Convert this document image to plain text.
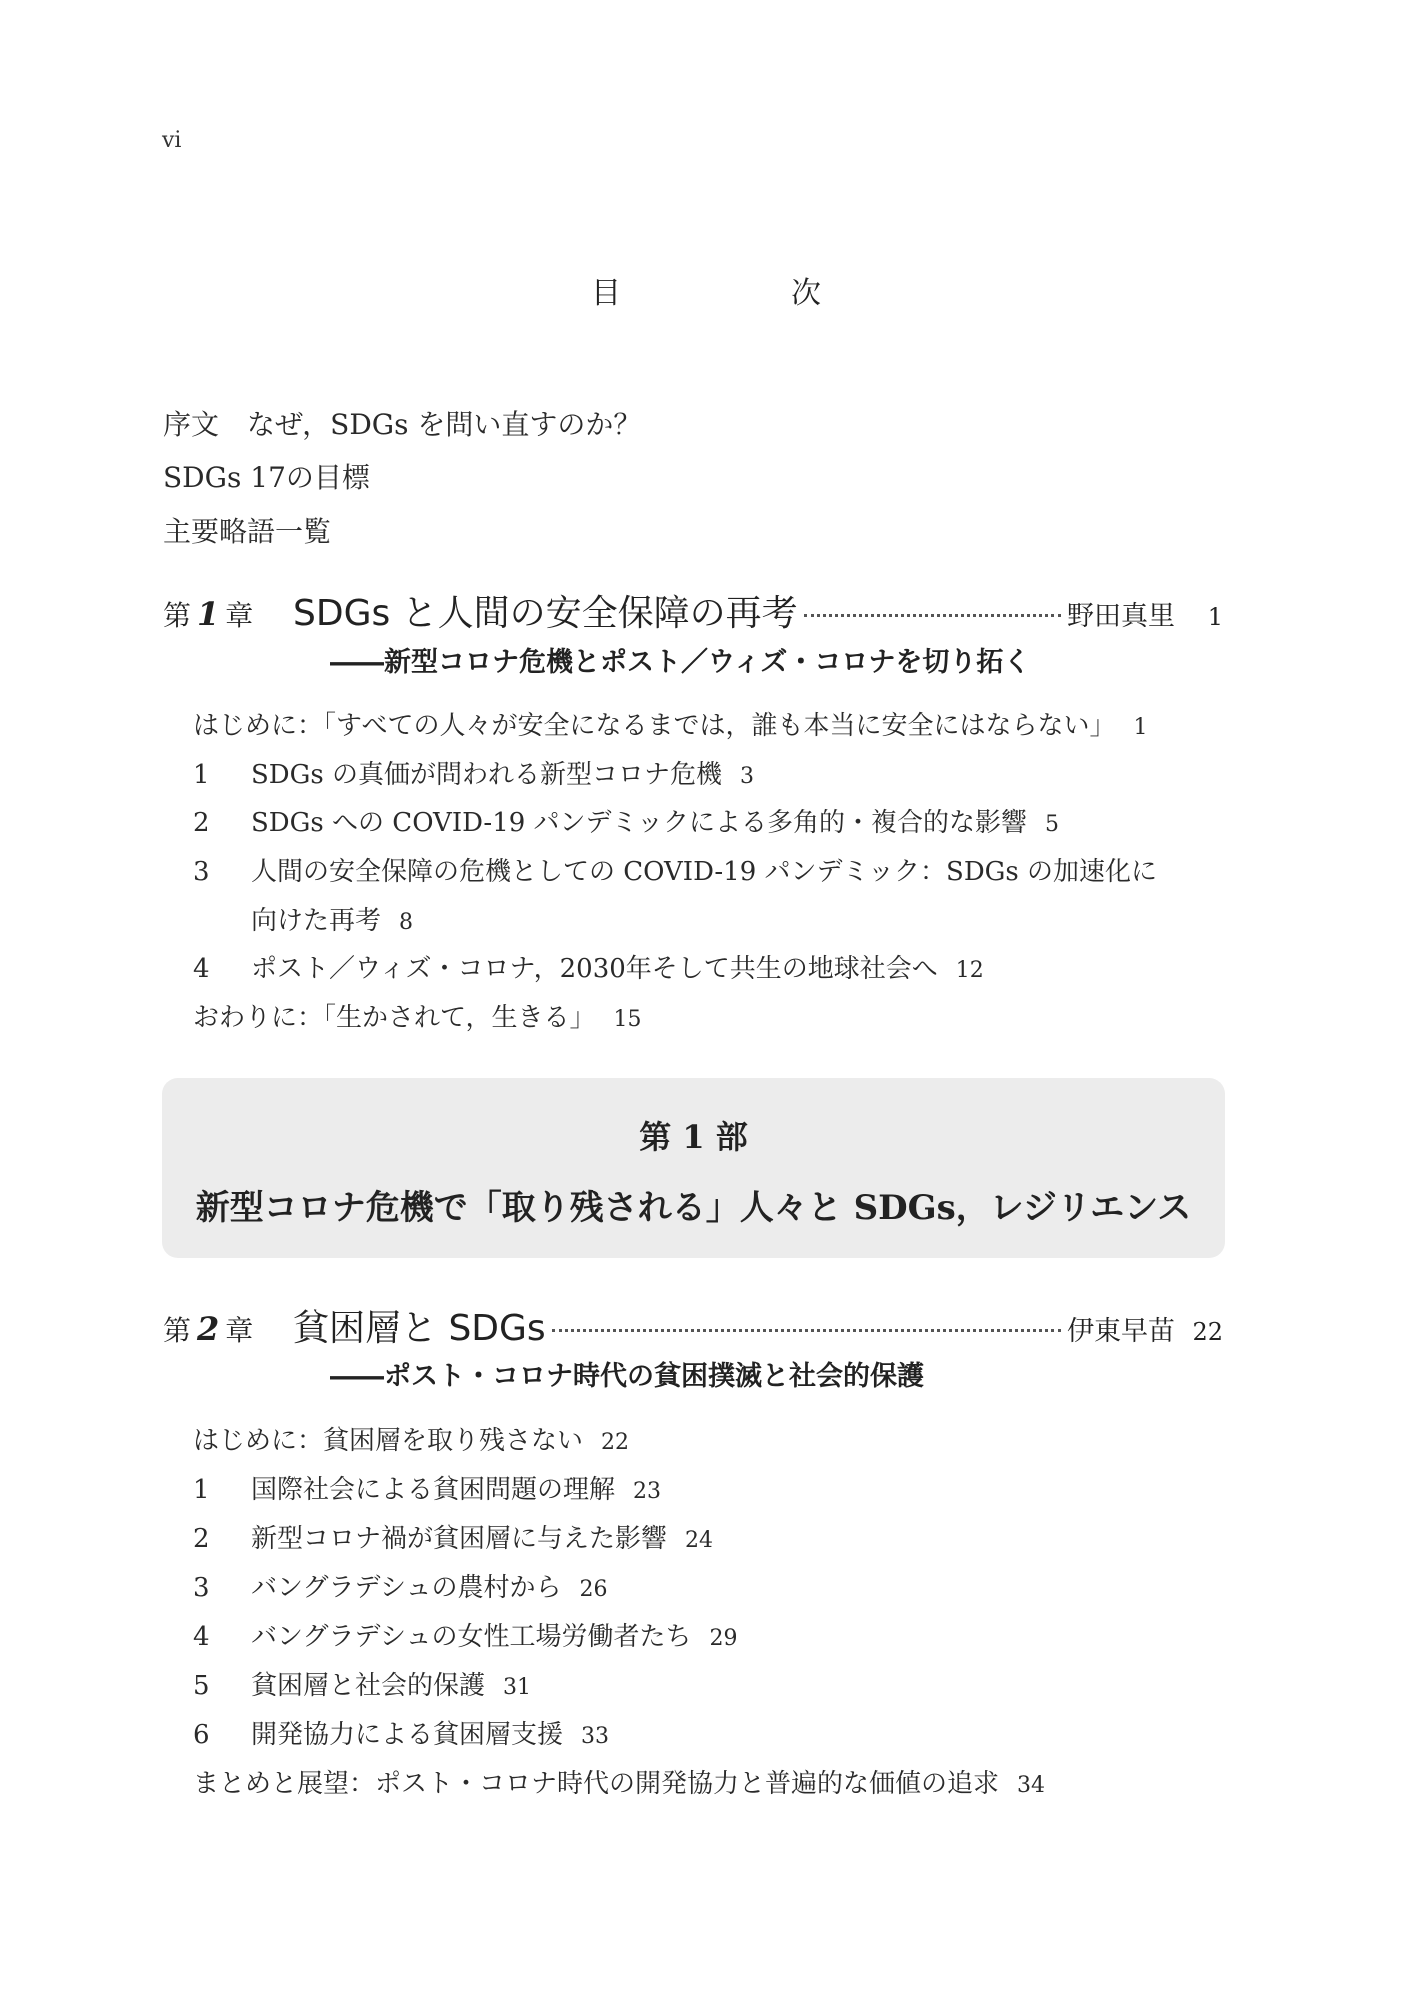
vi
目　次
序文　なぜ，SDGs を問い直すのか？
SDGs 17の目標
主要略語一覧
第 1 章	SDGs と人間の安全保障の再考	野田真里	1
――新型コロナ危機とポスト／ウィズ・コロナを切り拓く
はじめに：「すべての人々が安全になるまでは，誰も本当に安全にはならない」 1
1 SDGs の真価が問われる新型コロナ危機 3
2 SDGs への COVID-19 パンデミックによる多角的・複合的な影響 5
3 人間の安全保障の危機としての COVID-19 パンデミック：SDGs の加速化に
向けた再考 8
4 ポスト／ウィズ・コロナ，2030年そして共生の地球社会へ 12
おわりに：「生かされて，生きる」 15
第 1 部
新型コロナ危機で「取り残される」人々と SDGs，レジリエンス
第 2 章	貧困層と SDGs	伊東早苗 22
――ポスト・コロナ時代の貧困撲滅と社会的保護
はじめに：貧困層を取り残さない 22
1 国際社会による貧困問題の理解 23
2 新型コロナ禍が貧困層に与えた影響 24
3 バングラデシュの農村から 26
4 バングラデシュの女性工場労働者たち 29
5 貧困層と社会的保護 31
6 開発協力による貧困層支援 33
まとめと展望：ポスト・コロナ時代の開発協力と普遍的な価値の追求 34
